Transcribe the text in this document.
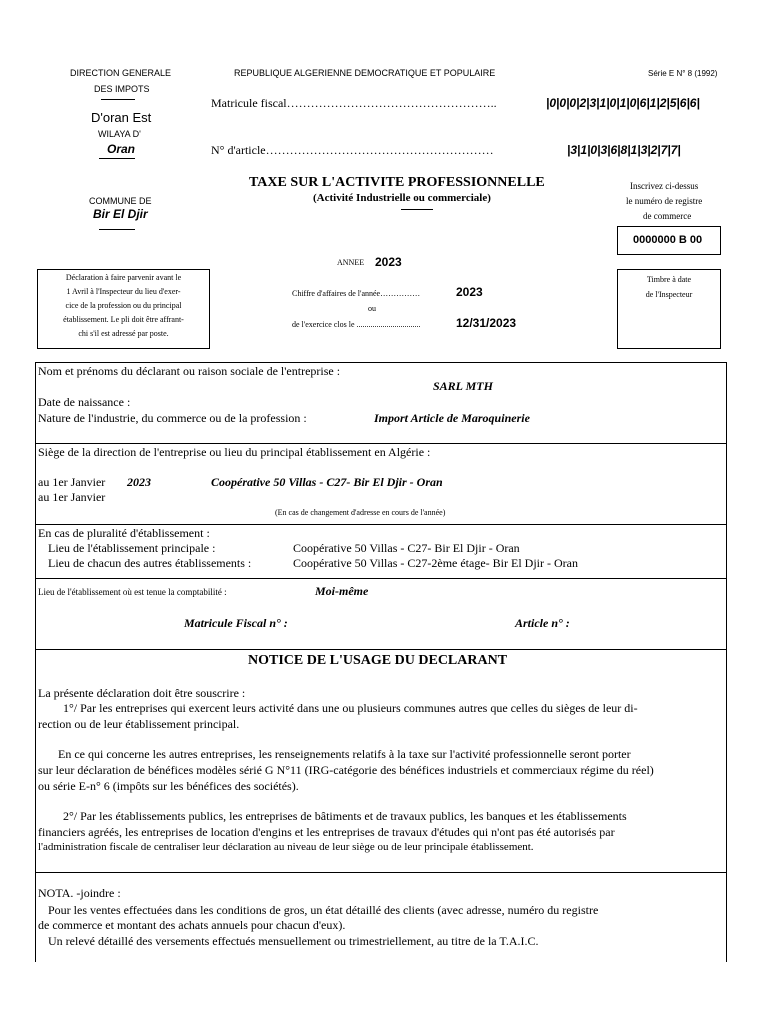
DIRECTION GENERALE
DES IMPOTS
D'oran Est
WILAYA D'
Oran
REPUBLIQUE ALGERIENNE DEMOCRATIQUE ET POPULAIRE	Série E N° 8 (1992)
Matricule fiscal……………………………………………..	|0|0|0|2|3|1|0|1|0|6|1|2|5|6|6|
N° d'article…………………………………………………	|3|1|0|3|6|8|1|3|2|7|7|
COMMUNE DE
Bir El Djir
TAXE SUR L'ACTIVITE PROFESSIONNELLE
(Activité Industrielle ou commerciale)
Inscrivez ci-dessus
le numéro de registre
de commerce
0000000 B 00
ANNEE 2023
Déclaration à faire parvenir avant le
1 Avril à l'Inspecteur du lieu d'exer-
cice de la profession ou du principal
établissement. Le pli doit être affrant-
chi s'il est adressé par poste.
Chiffre d'affaires de l'année……………	2023
ou
de l'exercice clos le ................................	12/31/2023
Timbre à date
de l'Inspecteur
Nom et prénoms du déclarant ou raison sociale de l'entreprise :
SARL MTH
Date de naissance :
Nature de l'industrie, du commerce ou de la profession :	Import Article de Maroquinerie
Siège de la direction de l'entreprise ou lieu du principal établissement en Algérie :
au 1er Janvier 2023	Coopérative 50 Villas - C27- Bir El Djir - Oran
au 1er Janvier
(En cas de changement d'adresse en cours de l'année)
En cas de pluralité d'établissement :
Lieu de l'établissement principale :	Coopérative 50 Villas - C27- Bir El Djir - Oran
Lieu de chacun des autres établissements :	Coopérative 50 Villas - C27-2ème étage- Bir El Djir - Oran
Lieu de l'établissement où est tenue la comptabilité :	Moi-même
Matricule Fiscal n° :	Article n° :
NOTICE DE L'USAGE DU DECLARANT
La présente déclaration doit être souscrire :
1°/ Par les entreprises qui exercent leurs activité dans une ou plusieurs communes autres que celles du sièges de leur di-
rection ou de leur établissement principal.
En ce qui concerne les autres entreprises, les renseignements relatifs à la taxe sur l'activité professionnelle seront porter
sur leur déclaration de bénéfices modèles sérié G N°11 (IRG-catégorie des bénéfices industriels et commerciaux régime du réel)
ou série E-n° 6 (impôts sur les bénéfices des sociétés).
2°/ Par les établissements publics, les entreprises de bâtiments et de travaux publics, les banques et les établissements
financiers agréés, les entreprises de location d'engins et les entreprises de travaux d'études qui n'ont pas été autorisés par
l'administration fiscale de centraliser leur déclaration au niveau de leur siège ou de leur principale établissement.
NOTA. -joindre :
Pour les ventes effectuées dans les conditions de gros, un état détaillé des clients (avec adresse, numéro du registre
de commerce et montant des achats annuels pour chacun d'eux).
Un relevé détaillé des versements effectués mensuellement ou trimestriellement, au titre de la T.A.I.C.
